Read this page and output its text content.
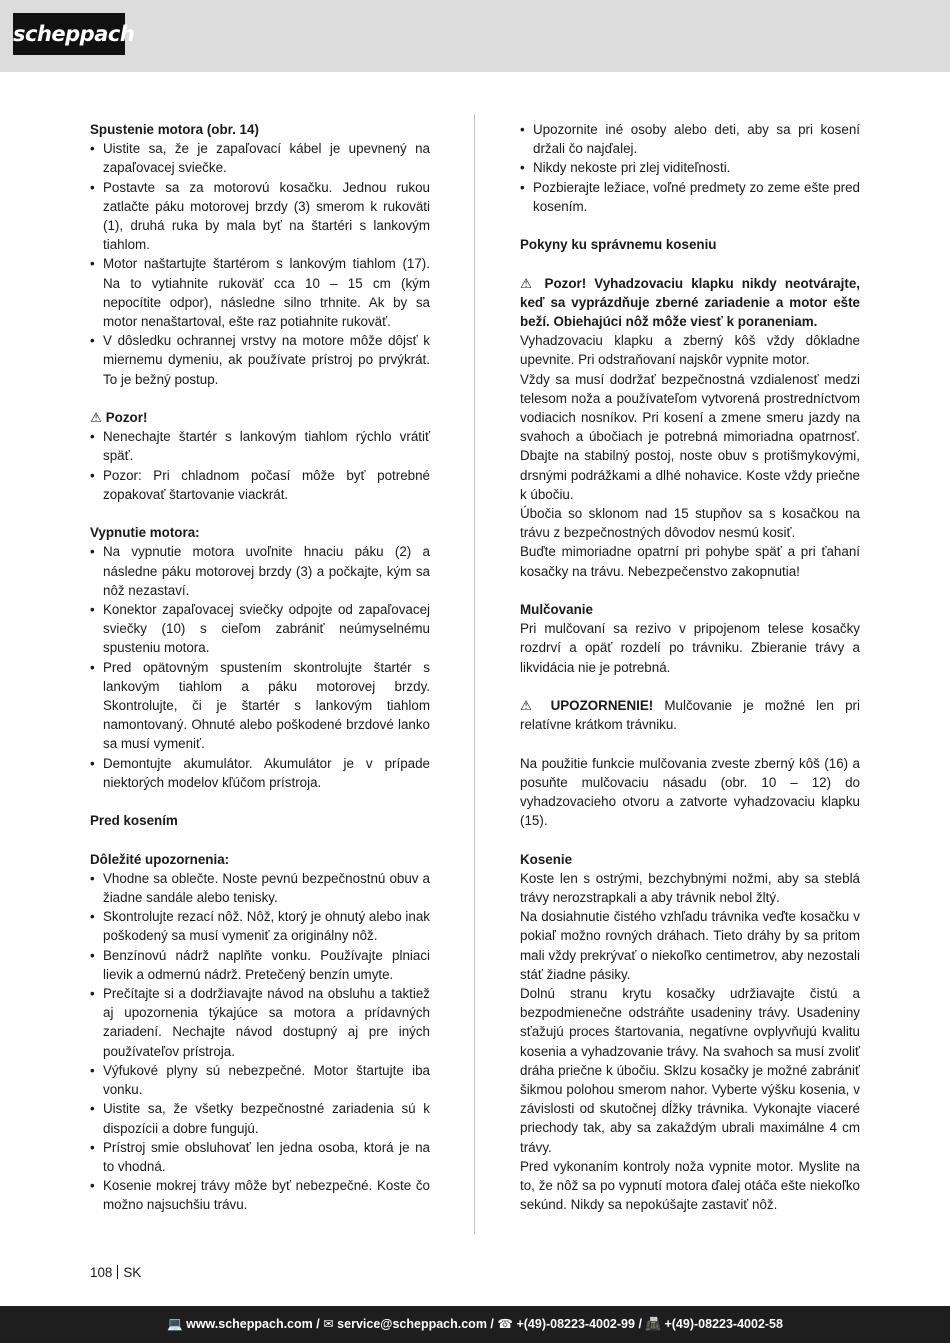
scheppach
Spustenie motora (obr. 14)
• Uistite sa, že je zapaľovací kábel je upevnený na zapaľovacej sviečke.
• Postavte sa za motorovú kosačku. Jednou rukou zatlačte páku motorovej brzdy (3) smerom k rukoväti (1), druhá ruka by mala byť na štartéri s lankovým tiahlom.
• Motor naštartujte štartérom s lankovým tiahlom (17). Na to vytiahnite rukoväť cca 10 – 15 cm (kým nepocítite odpor), následne silno trhnite. Ak by sa motor nenaštartoval, ešte raz potiahnite rukoväť.
• V dôsledku ochrannej vrstvy na motore môže dôjsť k miernemu dymeniu, ak používate prístroj po prvýkrát. To je bežný postup.
⚠ Pozor!
• Nenechajte štartér s lankovým tiahlom rýchlo vrátiť späť.
• Pozor: Pri chladnom počasí môže byť potrebné zopakovať štartovanie viackrát.
Vypnutie motora:
• Na vypnutie motora uvoľnite hnaciu páku (2) a následne páku motorovej brzdy (3) a počkajte, kým sa nôž nezastaví.
• Konektor zapaľovacej sviečky odpojte od zapaľovacej sviečky (10) s cieľom zabrániť neúmyselnému spusteniu motora.
• Pred opätovným spustením skontrolujte štartér s lankovým tiahlom a páku motorovej brzdy. Skontrolujte, či je štartér s lankovým tiahlom namontovaný. Ohnuté alebo poškodené brzdové lanko sa musí vymeniť.
• Demontujte akumulátor. Akumulátor je v prípade niektorých modelov kľúčom prístroja.
Pred kosením
Dôležité upozornenia:
• Vhodne sa oblečte. Noste pevnú bezpečnostnú obuv a žiadne sandále alebo tenisky.
• Skontrolujte rezací nôž. Nôž, ktorý je ohnutý alebo inak poškodený sa musí vymeniť za originálny nôž.
• Benzínovú nádrž naplňte vonku. Používajte plniaci lievik a odmernú nádrž. Pretečený benzín umyte.
• Prečítajte si a dodržiavajte návod na obsluhu a taktiež aj upozornenia týkajúce sa motora a prídavných zariadení. Nechajte návod dostupný aj pre iných používateľov prístroja.
• Výfukové plyny sú nebezpečné. Motor štartujte iba vonku.
• Uistite sa, že všetky bezpečnostné zariadenia sú k dispozícii a dobre fungujú.
• Prístroj smie obsluhovať len jedna osoba, ktorá je na to vhodná.
• Kosenie mokrej trávy môže byť nebezpečné. Koste čo možno najsuchšiu trávu.
• Upozornite iné osoby alebo deti, aby sa pri kosení držali čo najďalej.
• Nikdy nekoste pri zlej viditeľnosti.
• Pozbierajte ležiace, voľné predmety zo zeme ešte pred kosením.
Pokyny ku správnemu koseniu

⚠ Pozor! Vyhadzovaciu klapku nikdy neotvárajte, keď sa vyprázdňuje zberné zariadenie a motor ešte beží. Obiehajúci nôž môže viesť k poraneniam.

Vyhadzovaciu klapku a zberný kôš vždy dôkladne upevnite. Pri odstraňovaní najskôr vypnite motor.

Vždy sa musí dodržať bezpečnostná vzdialenosť medzi telesom noža a používateľom vytvorená prostredníctvom vodiacich nosníkov. Pri kosení a zmene smeru jazdy na svahoch a úbočiach je potrebná mimoriadna opatrnosť. Dbajte na stabilný postoj, noste obuv s protišmykovými, drsnými podrážkami a dlhé nohavice. Koste vždy priečne k úbočiu.

Úbočia so sklonom nad 15 stupňov sa s kosačkou na trávu z bezpečnostných dôvodov nesmú kosiť.

Buďte mimoriadne opatrní pri pohybe späť a pri ťahaní kosačky na trávu. Nebezpečenstvo zakopnutia!

Mulčovanie

Pri mulčovaní sa rezivo v pripojenom telese kosačky rozdrví a opäť rozdelí po trávniku. Zbieranie trávy a likvidácia nie je potrebná.

⚠ UPOZORNENIE! Mulčovanie je možné len pri relatívne krátkom trávniku.

Na použitie funkcie mulčovania zveste zberný kôš (16) a posuňte mulčovaciu násadu (obr. 10 – 12) do vyhadzovacieho otvoru a zatvorte vyhadzovaciu klapku (15).

Kosenie

Koste len s ostrými, bezchybnými nožmi, aby sa steblá trávy nerozstrapkali a aby trávnik nebol žltý.

Na dosiahnutie čistého vzhľadu trávnika veďte kosačku v pokiaľ možno rovných dráhach. Tieto dráhy by sa pritom mali vždy prekrývať o niekoľko centimetrov, aby nezostali stáť žiadne pásiky.

Dolnú stranu krytu kosačky udržiavajte čistú a bezpodmienečne odstráňte usadeniny trávy. Usadeniny sťažujú proces štartovania, negatívne ovplyvňujú kvalitu kosenia a vyhadzovanie trávy. Na svahoch sa musí zvoliť dráha priečne k úbočiu. Sklzu kosačky je možné zabrániť šikmou polohou smerom nahor. Vyberte výšku kosenia, v závislosti od skutočnej dĺžky trávnika. Vykonajte viaceré priechody tak, aby sa zakaždým ubrali maximálne 4 cm trávy.

Pred vykonaním kontroly noža vypnite motor. Myslite na to, že nôž sa po vypnutí motora ďalej otáča ešte niekoľko sekúnd. Nikdy sa nepokúšajte zastaviť nôž.

108 SK
💻 www.scheppach.com / ✉ service@scheppach.com / ☎ +(49)-08223-4002-99 / 📠 +(49)-08223-4002-58
